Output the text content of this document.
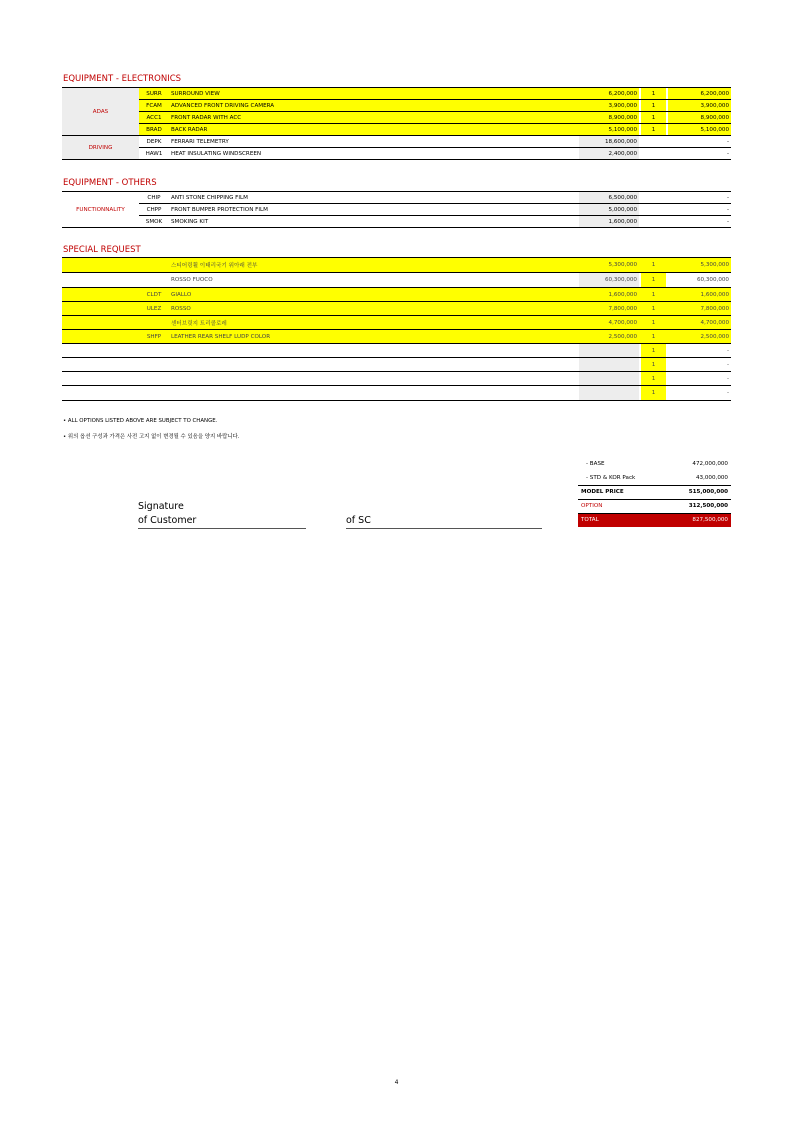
EQUIPMENT - ELECTRONICS
ADAS	SURR	SURROUND VIEW	6,200,000		1		6,200,000
	FCAM	ADVANCED FRONT DRIVING CAMERA	3,900,000		1		3,900,000
	ACC1	FRONT RADAR WITH ACC	8,900,000		1		8,900,000
	BRAD	BACK RADAR	5,100,000		1		5,100,000
DRIVING	DEPK	FERRARI TELEMETRY	18,600,000				-
	HAW1	HEAT INSULATING WINDSCREEN	2,400,000				-
EQUIPMENT - OTHERS
FUNCTIONNALITY	CHIP	ANTI STONE CHIPPING FILM	6,500,000				-
	CHPP	FRONT BUMPER PROTECTION FILM	5,000,000				-
	SMOK	SMOKING KIT	1,600,000				-
SPECIAL REQUEST
		스티어링휠 이태리국기 위아래 전부	5,300,000		1		5,300,000
		ROSSO FUOCO	60,300,000		1		60,300,000
	CLDT	GIALLO	1,600,000		1		1,600,000
	ULEZ	ROSSO	7,800,000		1		7,800,000
		센터브릿지 트리콜로레	4,700,000		1		4,700,000
	SHFP	LEATHER REAR SHELF LUDP COLOR	2,500,000		1		2,500,000
					1		-
					1		-
					1		-
					1		-
• ALL OPTIONS LISTED ABOVE ARE SUBJECT TO CHANGE.
• 위의 옵션 구성과 가격은 사전 고지 없이 변경될 수 있음을 양지 바랍니다.
- BASE	472,000,000
- STD & KOR Pack	43,000,000
MODEL PRICE	515,000,000
OPTION	312,500,000
TOTAL	827,500,000
Signature
of Customer	of SC
4
